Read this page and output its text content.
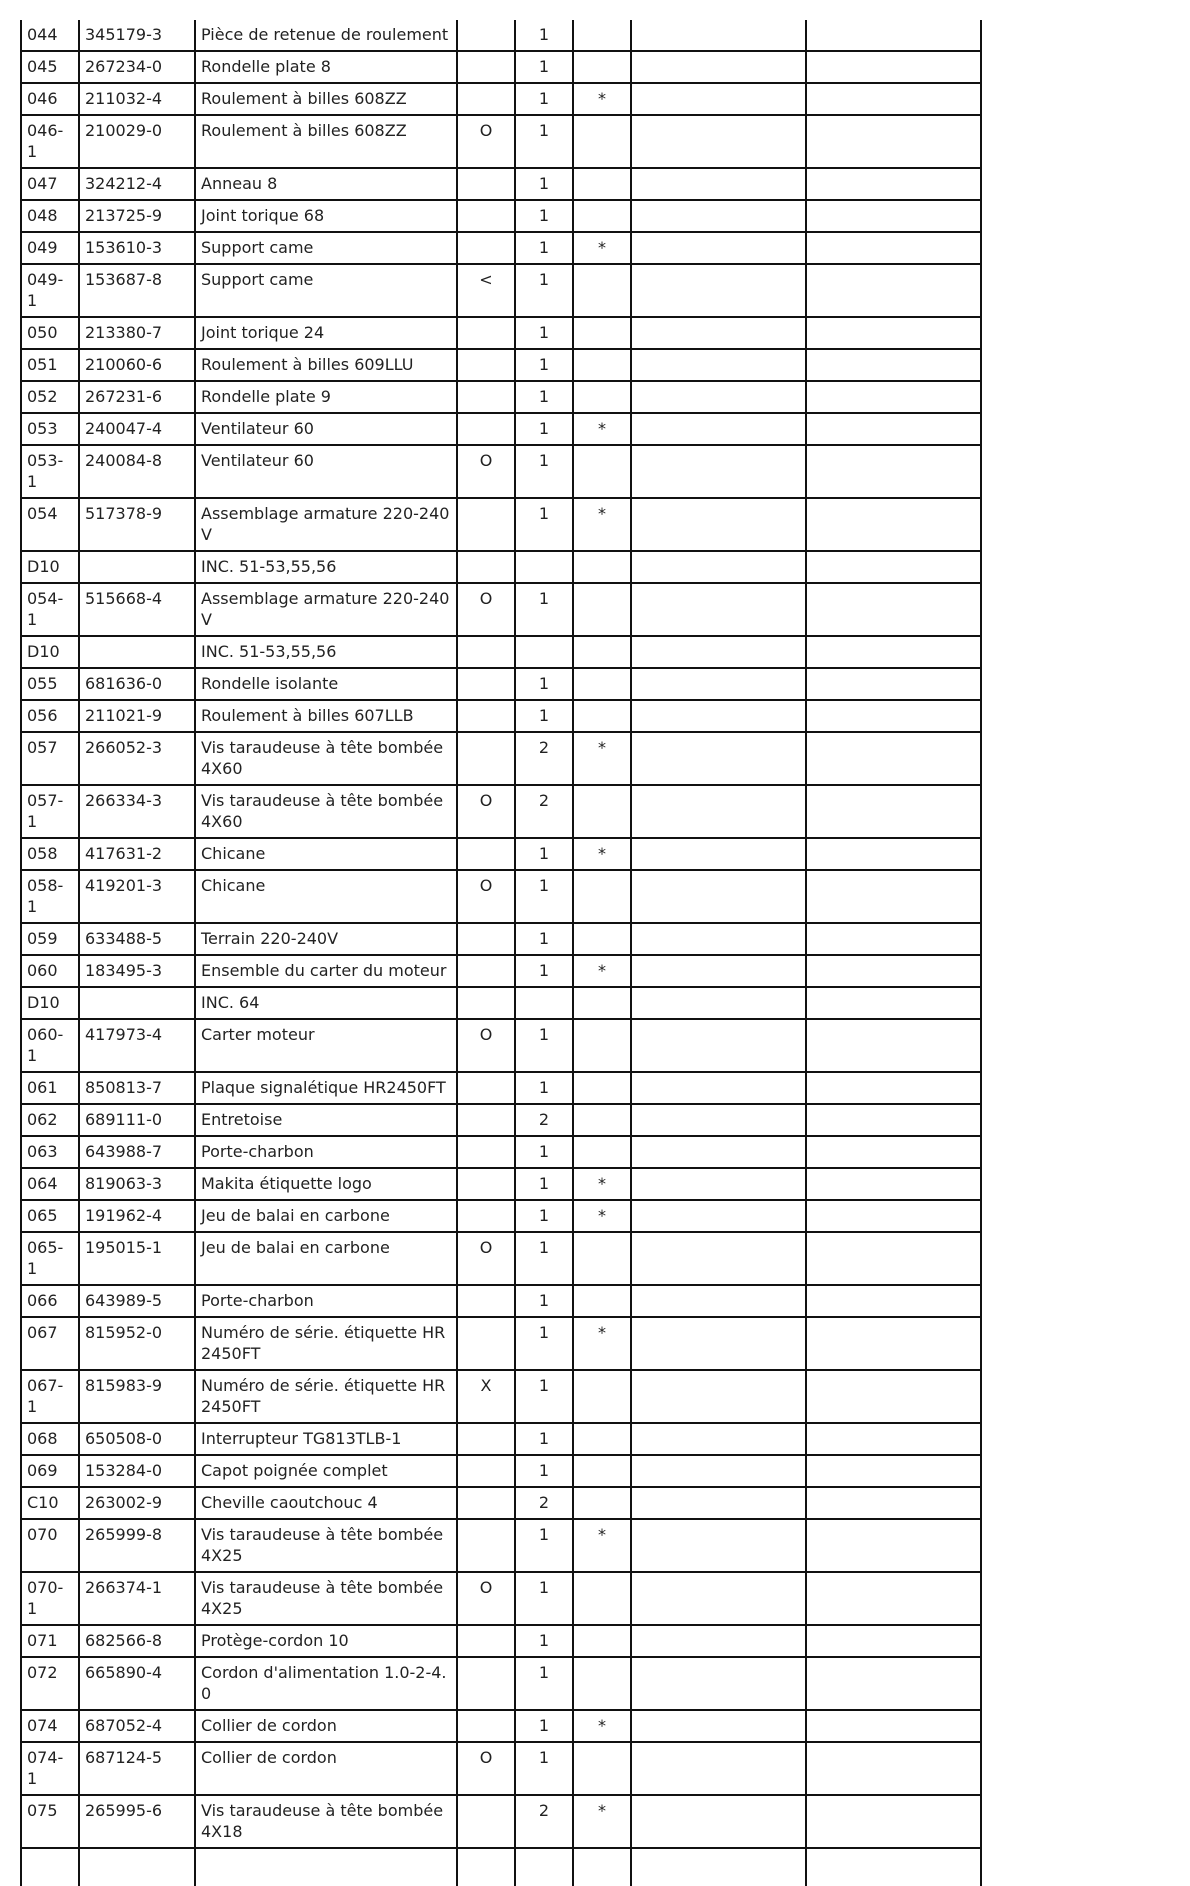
044	345179-3	Pièce de retenue de roulement		1			
045	267234-0	Rondelle plate 8		1			
046	211032-4	Roulement à billes 608ZZ		1	*		
046-1	210029-0	Roulement à billes 608ZZ	O	1			
047	324212-4	Anneau 8		1			
048	213725-9	Joint torique 68		1			
049	153610-3	Support came		1	*		
049-1	153687-8	Support came	<	1			
050	213380-7	Joint torique 24		1			
051	210060-6	Roulement à billes 609LLU		1			
052	267231-6	Rondelle plate 9		1			
053	240047-4	Ventilateur 60		1	*		
053-1	240084-8	Ventilateur 60	O	1			
054	517378-9	Assemblage armature 220-240V		1	*		
D10		INC. 51-53,55,56					
054-1	515668-4	Assemblage armature 220-240V	O	1			
D10		INC. 51-53,55,56					
055	681636-0	Rondelle isolante		1			
056	211021-9	Roulement à billes 607LLB		1			
057	266052-3	Vis taraudeuse à tête bombée 4X60		2	*		
057-1	266334-3	Vis taraudeuse à tête bombée 4X60	O	2			
058	417631-2	Chicane		1	*		
058-1	419201-3	Chicane	O	1			
059	633488-5	Terrain 220-240V		1			
060	183495-3	Ensemble du carter du moteur		1	*		
D10		INC. 64					
060-1	417973-4	Carter moteur	O	1			
061	850813-7	Plaque signalétique HR2450FT		1			
062	689111-0	Entretoise		2			
063	643988-7	Porte-charbon		1			
064	819063-3	Makita étiquette logo		1	*		
065	191962-4	Jeu de balai en carbone		1	*		
065-1	195015-1	Jeu de balai en carbone	O	1			
066	643989-5	Porte-charbon		1			
067	815952-0	Numéro de série. étiquette HR2450FT		1	*		
067-1	815983-9	Numéro de série. étiquette HR2450FT	X	1			
068	650508-0	Interrupteur TG813TLB-1		1			
069	153284-0	Capot poignée complet		1			
C10	263002-9	Cheville caoutchouc 4		2			
070	265999-8	Vis taraudeuse à tête bombée 4X25		1	*		
070-1	266374-1	Vis taraudeuse à tête bombée 4X25	O	1			
071	682566-8	Protège-cordon 10		1			
072	665890-4	Cordon d'alimentation 1.0-2-4.0		1			
074	687052-4	Collier de cordon		1	*		
074-1	687124-5	Collier de cordon	O	1			
075	265995-6	Vis taraudeuse à tête bombée 4X18		2	*		
